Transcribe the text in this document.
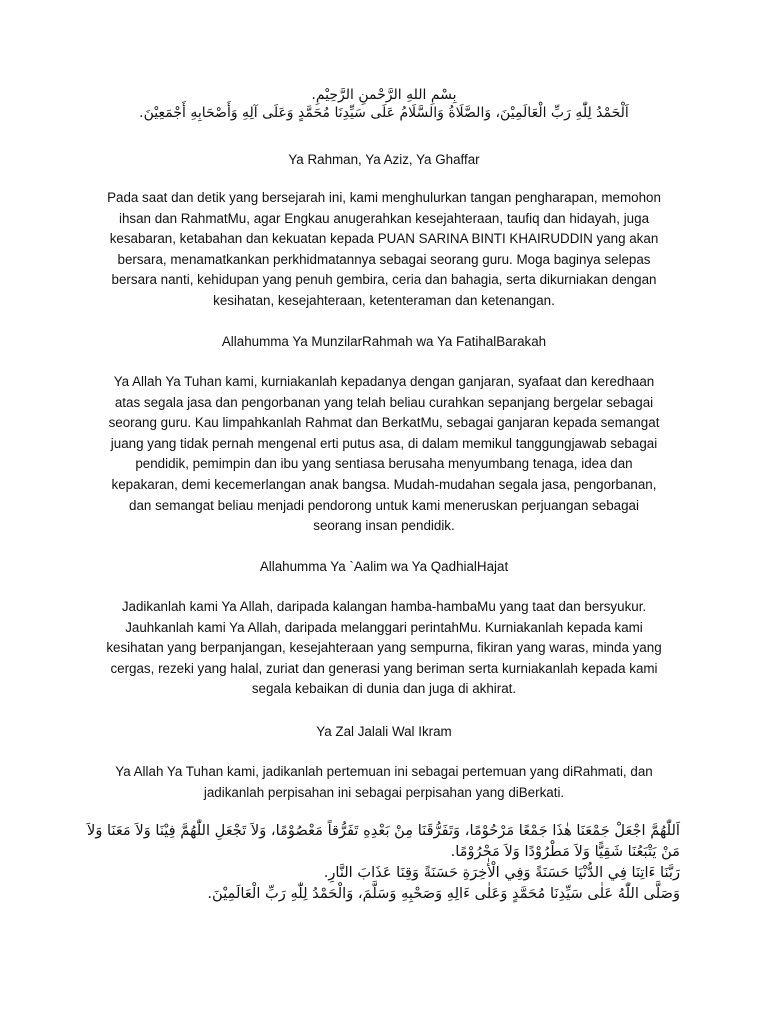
بِسْمِ اللهِ الرَّحْمنِ الرَّحِيْمِ.

اَلْحَمْدُ لِلّٰهِ رَبِّ الْعَالَمِيْنَ، وَالصَّلَاةُ وَالسَّلَامُ عَلَى سَيِّدِنَا مُحَمَّدٍ وَعَلَى آلِهِ وَأَصْحَابِهِ أَجْمَعِيْنَ.

Ya Rahman, Ya Aziz, Ya Ghaffar

Pada saat dan detik yang bersejarah ini, kami menghulurkan tangan pengharapan, memohon
ihsan dan RahmatMu, agar Engkau anugerahkan kesejahteraan, taufiq dan hidayah, juga
kesabaran, ketabahan dan kekuatan kepada PUAN SARINA BINTI KHAIRUDDIN yang akan
bersara, menamatkankan perkhidmatannya sebagai seorang guru. Moga baginya selepas
bersara nanti, kehidupan yang penuh gembira, ceria dan bahagia, serta dikurniakan dengan
kesihatan, kesejahteraan, ketenteraman dan ketenangan.

Allahumma Ya MunzilarRahmah wa Ya FatihalBarakah

Ya Allah Ya Tuhan kami, kurniakanlah kepadanya dengan ganjaran, syafaat dan keredhaan
atas segala jasa dan pengorbanan yang telah beliau curahkan sepanjang bergelar sebagai
seorang guru. Kau limpahkanlah Rahmat dan BerkatMu, sebagai ganjaran kepada semangat
juang yang tidak pernah mengenal erti putus asa, di dalam memikul tanggungjawab sebagai
pendidik, pemimpin dan ibu yang sentiasa berusaha menyumbang tenaga, idea dan
kepakaran, demi kecemerlangan anak bangsa. Mudah-mudahan segala jasa, pengorbanan,
dan semangat beliau menjadi pendorong untuk kami meneruskan perjuangan sebagai
seorang insan pendidik.

Allahumma Ya `Aalim wa Ya QadhialHajat

Jadikanlah kami Ya Allah, daripada kalangan hamba-hambaMu yang taat dan bersyukur.
Jauhkanlah kami Ya Allah, daripada melanggari perintahMu. Kurniakanlah kepada kami
kesihatan yang berpanjangan, kesejahteraan yang sempurna, fikiran yang waras, minda yang
cergas, rezeki yang halal, zuriat dan generasi yang beriman serta kurniakanlah kepada kami
segala kebaikan di dunia dan juga di akhirat.

Ya Zal Jalali Wal Ikram

Ya Allah Ya Tuhan kami, jadikanlah pertemuan ini sebagai pertemuan yang diRahmati, dan
jadikanlah perpisahan ini sebagai perpisahan yang diBerkati.
اَللّٰهُمَّ اجْعَلْ جَمْعَنَا هٰذَا جَمْعًا مَرْحُوْمًا، وَتَفَرُّقَنَا مِنْ بَعْدِهِ تَفَرُّقاً مَعْصُوْمًا، وَلاَ تَجْعَلِ اللّٰهُمَّ فِيْنَا وَلاَ مَعَنَا وَلاَ
مَنْ يَتْبَعُنَا شَقِيًّا وَلاَ مَطْرُوْدًا وَلاَ مَحْرُوْمًا.
رَبَّنَا ءَاتِنَا فِي الدُّنْيَا حَسَنَةً وَفِي الْأٰخِرَةِ حَسَنَةً وَقِنَا عَذَابَ النَّارِ.
وَصَلَّى اللّٰهُ عَلٰى سَيِّدِنَا مُحَمَّدٍ وَعَلٰى ءَالِهِ وَصَحْبِهِ وَسَلَّمَ، وَالْحَمْدُ لِلّٰهِ رَبِّ الْعَالَمِيْنَ.
